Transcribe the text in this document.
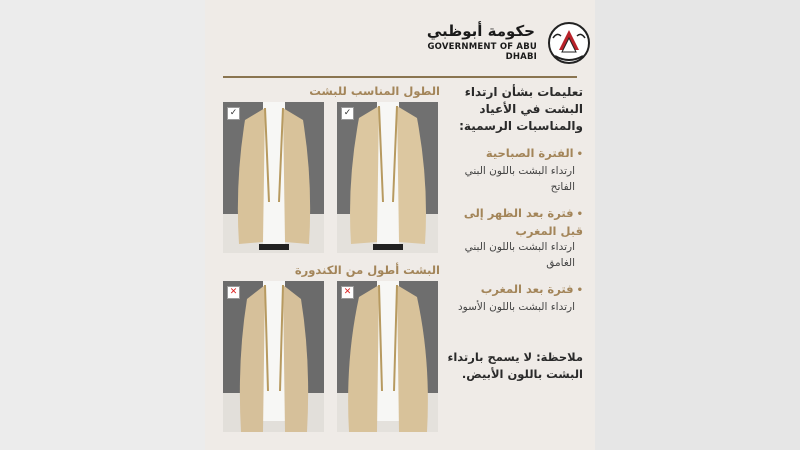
حكومة أبوظبي
GOVERNMENT OF ABU DHABI
تعليمات بشأن ارتداء البشت في الأعياد والمناسبات الرسمية:
•الفترة الصباحية
ارتداء البشت باللون البني الفاتح
•فترة بعد الظهر إلى قبل المغرب
ارتداء البشت باللون البني الغامق
•فترة بعد المغرب
ارتداء البشت باللون الأسود
ملاحظة: لا يسمح بارتداء البشت باللون الأبيض.
الطول المناسب للبشت
البشت أطول من الكندورة
✓	✓
✕	✕
